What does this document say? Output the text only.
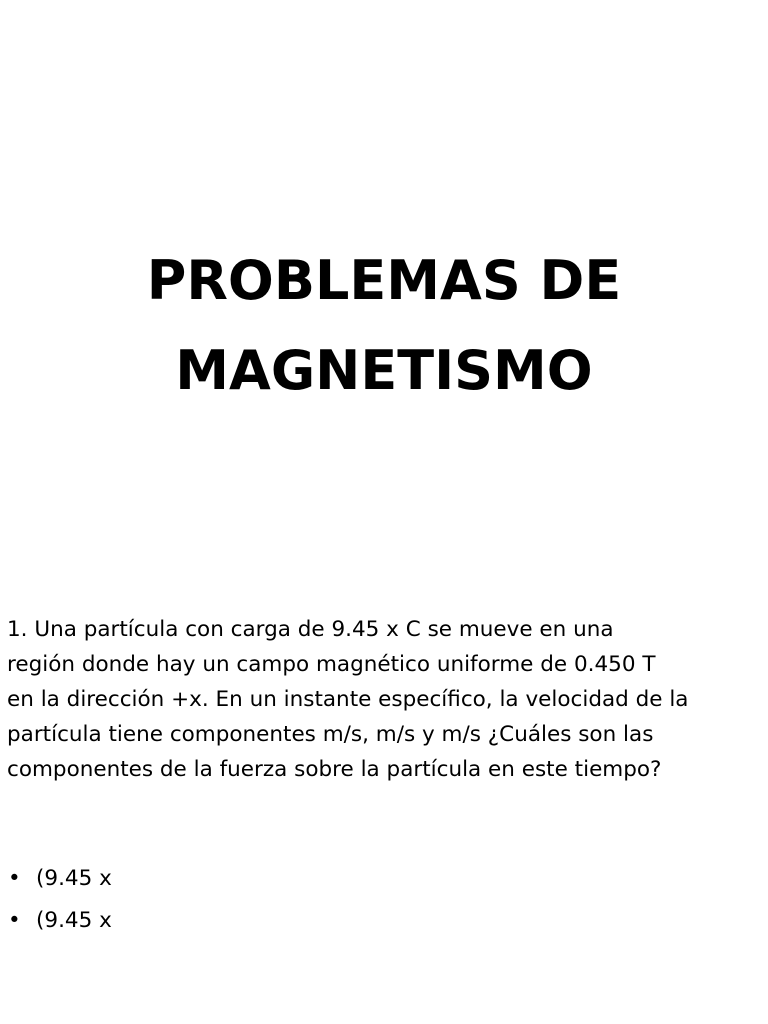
PROBLEMAS DE
MAGNETISMO

1. Una partícula con carga de 9.45 x C se mueve en una
región donde hay un campo magnético uniforme de 0.450 T
en la dirección +x. En un instante específico, la velocidad de la
partícula tiene componentes m/s, m/s y m/s ¿Cuáles son las
componentes de la fuerza sobre la partícula en este tiempo?

• (9.45 x
• (9.45 x
